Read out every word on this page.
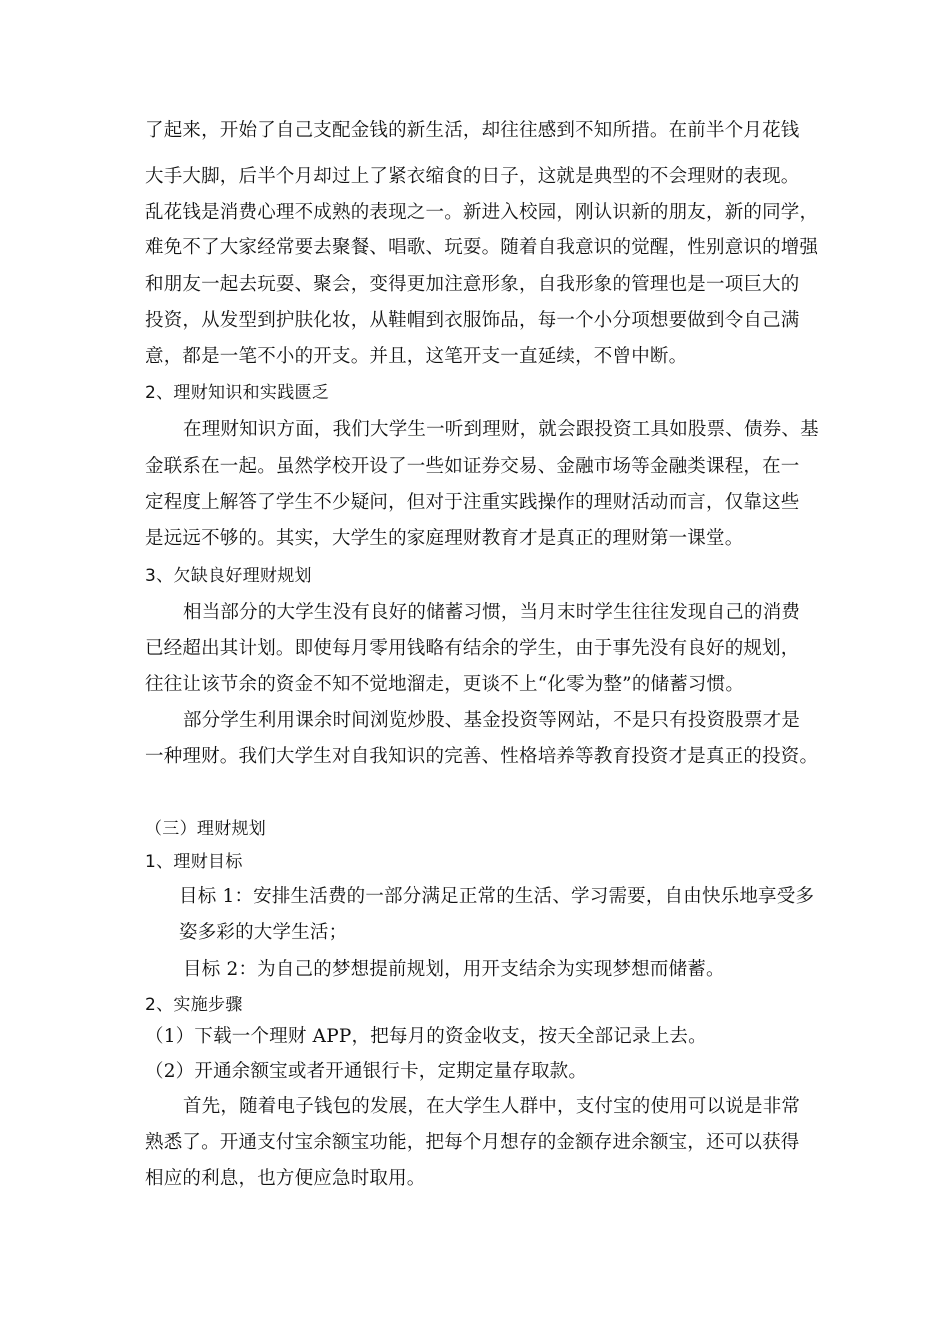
了起来，开始了自己支配金钱的新生活，却往往感到不知所措。在前半个月花钱
大手大脚，后半个月却过上了紧衣缩食的日子，这就是典型的不会理财的表现。
乱花钱是消费心理不成熟的表现之一。新进入校园，刚认识新的朋友，新的同学，
难免不了大家经常要去聚餐、唱歌、玩耍。随着自我意识的觉醒，性别意识的增强
和朋友一起去玩耍、聚会，变得更加注意形象，自我形象的管理也是一项巨大的
投资，从发型到护肤化妆，从鞋帽到衣服饰品，每一个小分项想要做到令自己满
意，都是一笔不小的开支。并且，这笔开支一直延续，不曾中断。
2、理财知识和实践匮乏
在理财知识方面，我们大学生一听到理财，就会跟投资工具如股票、债券、基
金联系在一起。虽然学校开设了一些如证券交易、金融市场等金融类课程，在一
定程度上解答了学生不少疑问，但对于注重实践操作的理财活动而言，仅靠这些
是远远不够的。其实，大学生的家庭理财教育才是真正的理财第一课堂。
3、欠缺良好理财规划
相当部分的大学生没有良好的储蓄习惯，当月末时学生往往发现自己的消费
已经超出其计划。即使每月零用钱略有结余的学生，由于事先没有良好的规划，
往往让该节余的资金不知不觉地溜走，更谈不上“化零为整”的储蓄习惯。
部分学生利用课余时间浏览炒股、基金投资等网站，不是只有投资股票才是
一种理财。我们大学生对自我知识的完善、性格培养等教育投资才是真正的投资。
（三）理财规划
1、理财目标
目标 1：安排生活费的一部分满足正常的生活、学习需要，自由快乐地享受多
姿多彩的大学生活；
目标 2：为自己的梦想提前规划，用开支结余为实现梦想而储蓄。
2、实施步骤
（1）下载一个理财 APP，把每月的资金收支，按天全部记录上去。
（2）开通余额宝或者开通银行卡，定期定量存取款。
首先，随着电子钱包的发展，在大学生人群中，支付宝的使用可以说是非常
熟悉了。开通支付宝余额宝功能，把每个月想存的金额存进余额宝，还可以获得
相应的利息，也方便应急时取用。
